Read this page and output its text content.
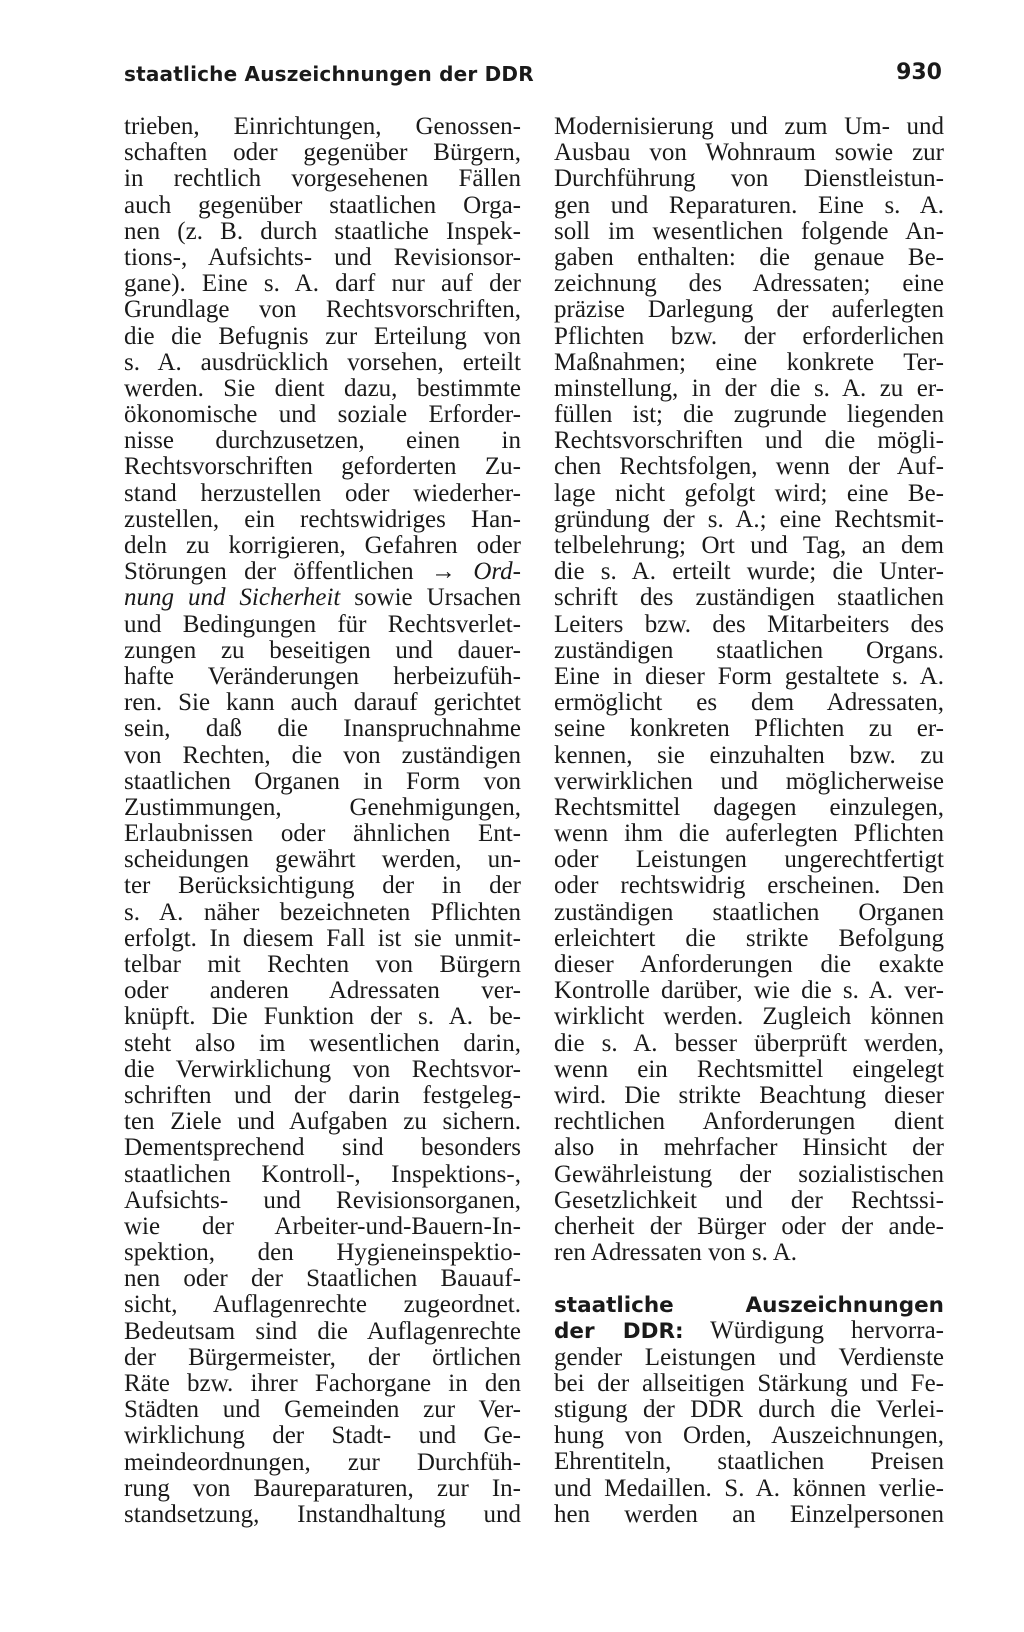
staatliche Auszeichnungen der DDR	930
trieben, Einrichtungen, Genossen-
schaften oder gegenüber Bürgern,
in rechtlich vorgesehenen Fällen
auch gegenüber staatlichen Orga-
nen (z. B. durch staatliche Inspek-
tions-, Aufsichts- und Revisionsor-
gane). Eine s. A. darf nur auf der
Grundlage von Rechtsvorschriften,
die die Befugnis zur Erteilung von
s. A. ausdrücklich vorsehen, erteilt
werden. Sie dient dazu, bestimmte
ökonomische und soziale Erforder-
nisse durchzusetzen, einen in
Rechtsvorschriften geforderten Zu-
stand herzustellen oder wiederher-
zustellen, ein rechtswidriges Han-
deln zu korrigieren, Gefahren oder
Störungen der öffentlichen → Ord-
nung und Sicherheit sowie Ursachen
und Bedingungen für Rechtsverlet-
zungen zu beseitigen und dauer-
hafte Veränderungen herbeizufüh-
ren. Sie kann auch darauf gerichtet
sein, daß die Inanspruchnahme
von Rechten, die von zuständigen
staatlichen Organen in Form von
Zustimmungen, Genehmigungen,
Erlaubnissen oder ähnlichen Ent-
scheidungen gewährt werden, un-
ter Berücksichtigung der in der
s. A. näher bezeichneten Pflichten
erfolgt. In diesem Fall ist sie unmit-
telbar mit Rechten von Bürgern
oder anderen Adressaten ver-
knüpft. Die Funktion der s. A. be-
steht also im wesentlichen darin,
die Verwirklichung von Rechtsvor-
schriften und der darin festgeleg-
ten Ziele und Aufgaben zu sichern.
Dementsprechend sind besonders
staatlichen Kontroll-, Inspektions-,
Aufsichts- und Revisionsorganen,
wie der Arbeiter-und-Bauern-In-
spektion, den Hygieneinspektio-
nen oder der Staatlichen Bauauf-
sicht, Auflagenrechte zugeordnet.
Bedeutsam sind die Auflagenrechte
der Bürgermeister, der örtlichen
Räte bzw. ihrer Fachorgane in den
Städten und Gemeinden zur Ver-
wirklichung der Stadt- und Ge-
meindeordnungen, zur Durchfüh-
rung von Baureparaturen, zur In-
standsetzung, Instandhaltung und
Modernisierung und zum Um- und
Ausbau von Wohnraum sowie zur
Durchführung von Dienstleistun-
gen und Reparaturen. Eine s. A.
soll im wesentlichen folgende An-
gaben enthalten: die genaue Be-
zeichnung des Adressaten; eine
präzise Darlegung der auferlegten
Pflichten bzw. der erforderlichen
Maßnahmen; eine konkrete Ter-
minstellung, in der die s. A. zu er-
füllen ist; die zugrunde liegenden
Rechtsvorschriften und die mögli-
chen Rechtsfolgen, wenn der Auf-
lage nicht gefolgt wird; eine Be-
gründung der s. A.; eine Rechtsmit-
telbelehrung; Ort und Tag, an dem
die s. A. erteilt wurde; die Unter-
schrift des zuständigen staatlichen
Leiters bzw. des Mitarbeiters des
zuständigen staatlichen Organs.
Eine in dieser Form gestaltete s. A.
ermöglicht es dem Adressaten,
seine konkreten Pflichten zu er-
kennen, sie einzuhalten bzw. zu
verwirklichen und möglicherweise
Rechtsmittel dagegen einzulegen,
wenn ihm die auferlegten Pflichten
oder Leistungen ungerechtfertigt
oder rechtswidrig erscheinen. Den
zuständigen staatlichen Organen
erleichtert die strikte Befolgung
dieser Anforderungen die exakte
Kontrolle darüber, wie die s. A. ver-
wirklicht werden. Zugleich können
die s. A. besser überprüft werden,
wenn ein Rechtsmittel eingelegt
wird. Die strikte Beachtung dieser
rechtlichen Anforderungen dient
also in mehrfacher Hinsicht der
Gewährleistung der sozialistischen
Gesetzlichkeit und der Rechtssi-
cherheit der Bürger oder der ande-
ren Adressaten von s. A.
staatliche Auszeichnungen
der DDR: Würdigung hervorra-
gender Leistungen und Verdienste
bei der allseitigen Stärkung und Fe-
stigung der DDR durch die Verlei-
hung von Orden, Auszeichnungen,
Ehrentiteln, staatlichen Preisen
und Medaillen. S. A. können verlie-
hen werden an Einzelpersonen
